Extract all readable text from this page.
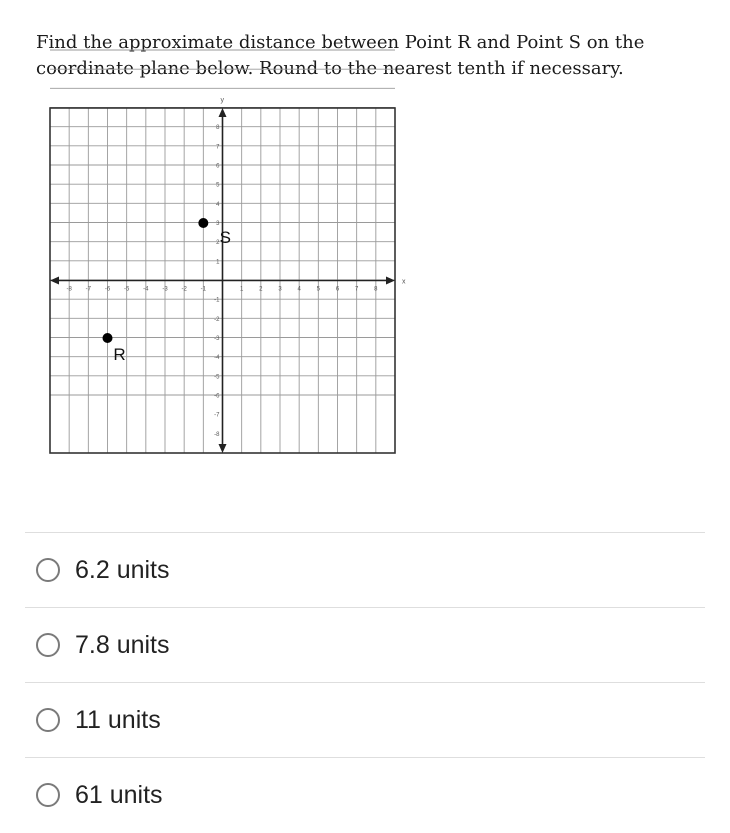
Find the approximate distance between Point R and Point S on the
coordinate plane below. Round to the nearest tenth if necessary.

x
y
-8 -7 -6 -5 -4 -3 -2 -1	1	2	3	4	5	6	7	8
8
7
6
5
4
3
2
1
-1
-2
-3
-4
-5
-6
-7
-8
S
R
6.2 units
7.8 units
11 units
61 units
